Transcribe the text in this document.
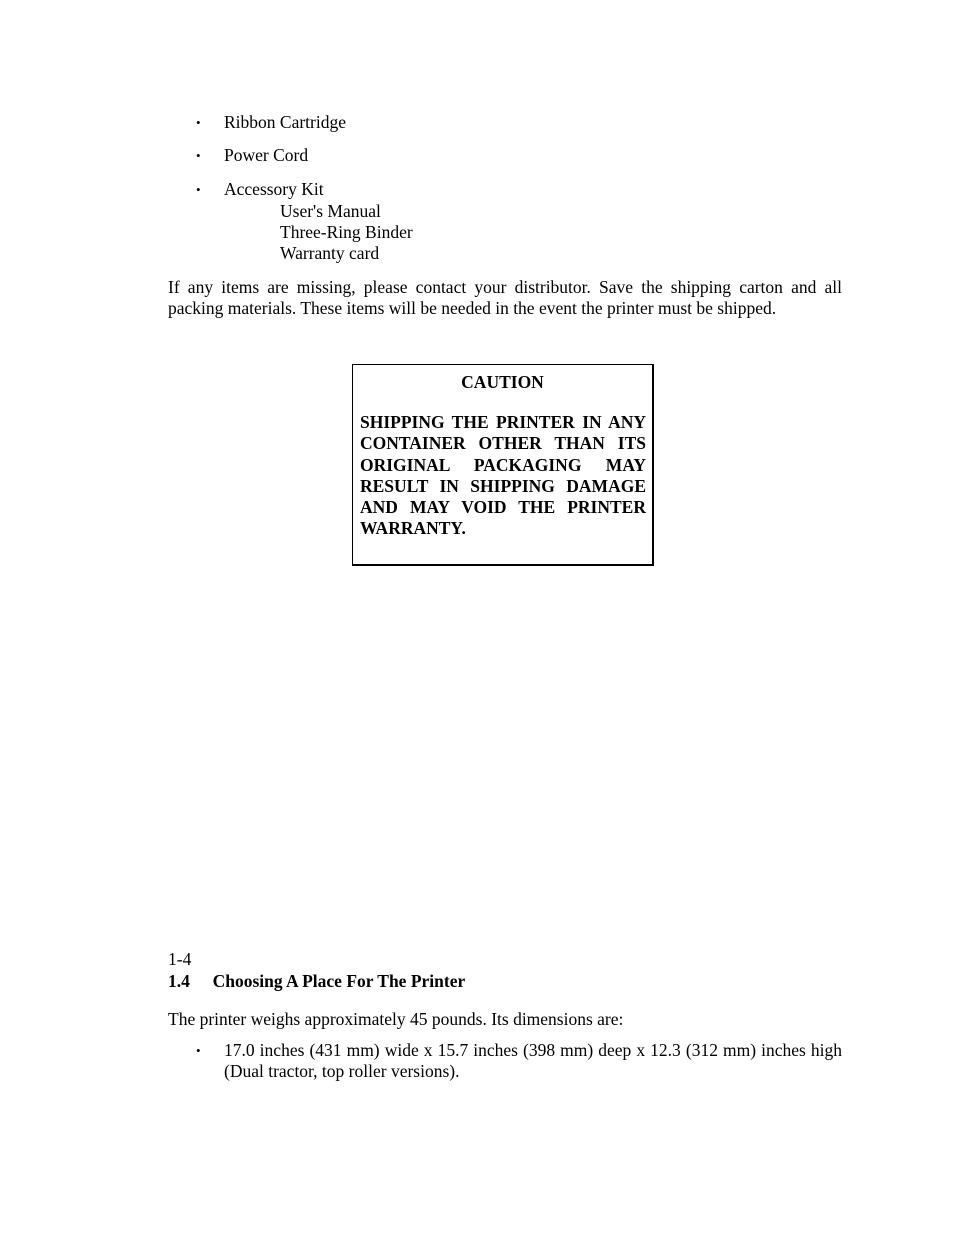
•	Ribbon Cartridge
•	Power Cord
•	Accessory Kit
User's Manual
Three-Ring Binder
Warranty card
If any items are missing, please contact your distributor. Save the shipping carton and all packing materials. These items will be needed in the event the printer must be shipped.
CAUTION
SHIPPING THE PRINTER IN ANY CONTAINER OTHER THAN ITS ORIGINAL PACKAGING MAY RESULT IN SHIPPING DAMAGE AND MAY VOID THE PRINTER WARRANTY.
1-4
1.4 Choosing A Place For The Printer
The printer weighs approximately 45 pounds. Its dimensions are:
•	17.0 inches (431 mm) wide x 15.7 inches (398 mm) deep x 12.3 (312 mm) inches high (Dual tractor, top roller versions).
